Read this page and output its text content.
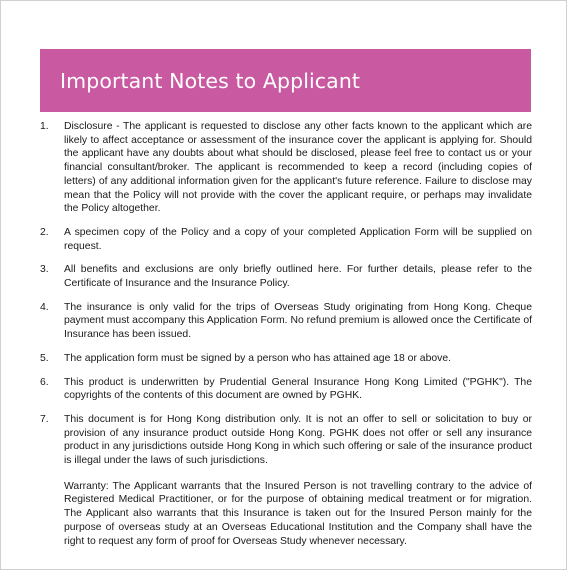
Important Notes to Applicant
1.	Disclosure - The applicant is requested to disclose any other facts known to the applicant which are likely to affect acceptance or assessment of the insurance cover the applicant is applying for. Should the applicant have any doubts about what should be disclosed, please feel free to contact us or your financial consultant/broker. The applicant is recommended to keep a record (including copies of letters) of any additional information given for the applicant's future reference. Failure to disclose may mean that the Policy will not provide with the cover the applicant require, or perhaps may invalidate the Policy altogether.
2.	A specimen copy of the Policy and a copy of your completed Application Form will be supplied on request.
3.	All benefits and exclusions are only briefly outlined here. For further details, please refer to the Certificate of Insurance and the Insurance Policy.
4.	The insurance is only valid for the trips of Overseas Study originating from Hong Kong. Cheque payment must accompany this Application Form. No refund premium is allowed once the Certificate of Insurance has been issued.
5.	The application form must be signed by a person who has attained age 18 or above.
6.	This product is underwritten by Prudential General Insurance Hong Kong Limited ("PGHK"). The copyrights of the contents of this document are owned by PGHK.
7.	This document is for Hong Kong distribution only. It is not an offer to sell or solicitation to buy or provision of any insurance product outside Hong Kong. PGHK does not offer or sell any insurance product in any jurisdictions outside Hong Kong in which such offering or sale of the insurance product is illegal under the laws of such jurisdictions.
Warranty: The Applicant warrants that the Insured Person is not travelling contrary to the advice of Registered Medical Practitioner, or for the purpose of obtaining medical treatment or for migration. The Applicant also warrants that this Insurance is taken out for the Insured Person mainly for the purpose of overseas study at an Overseas Educational Institution and the Company shall have the right to request any form of proof for Overseas Study whenever necessary.
